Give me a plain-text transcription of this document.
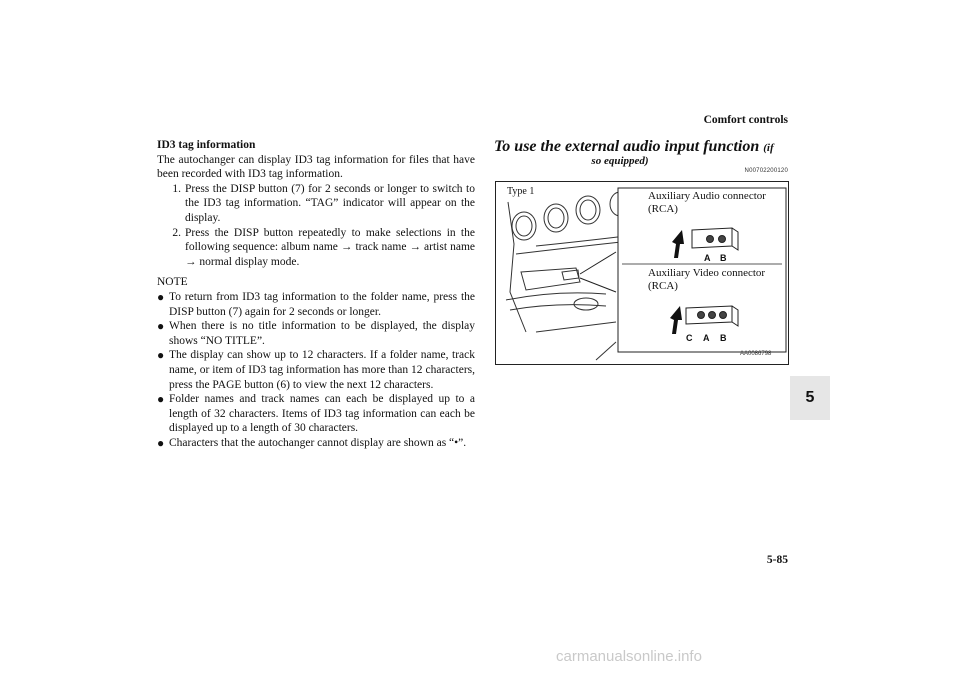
Comfort controls

ID3 tag information

The autochanger can display ID3 tag information for files that have been recorded with ID3 tag information.

1. Press the DISP button (7) for 2 seconds or longer to switch to the ID3 tag information. “TAG” indicator will appear on the display.
2. Press the DISP button repeatedly to make selections in the following sequence: album name → track name → artist name → normal display mode.

NOTE

● To return from ID3 tag information to the folder name, press the DISP button (7) again for 2 seconds or longer.
● When there is no title information to be displayed, the display shows “NO TITLE”.
● The display can show up to 12 characters. If a folder name, track name, or item of ID3 tag information has more than 12 characters, press the PAGE button (6) to view the next 12 characters.
● Folder names and track names can each be displayed up to a length of 32 characters. Items of ID3 tag information can each be displayed up to a length of 30 characters.
● Characters that the autochanger cannot display are shown as “•”.
To use the external audio input function (if
so equipped)
N00702200120
Type 1	Auxiliary Audio connector (RCA)
Auxiliary Video connector (RCA)
A B
C A B
AA0086798
5
5-85
carmanualsonline.info
